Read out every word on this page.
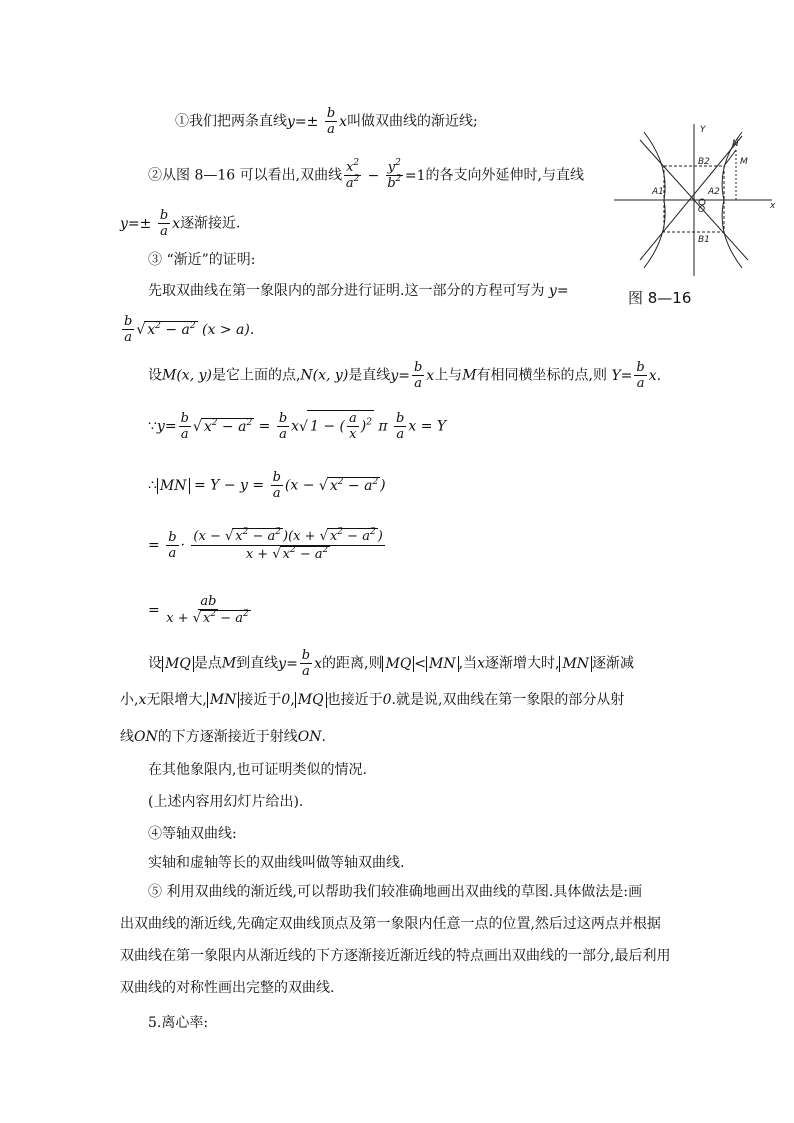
①我们把两条直线$y=\pm \frac{b}{a}$ x叫做双曲线的渐近线;
②从图 8—16 可以看出,双曲线 $\frac{x^2}{a^2} - \frac{y^2}{b^2} =1$的各支向外延伸时,与直线
$y=\pm \frac{b}{a}$ x逐渐接近.
③ “渐近”的证明:
先取双曲线在第一象限内的部分进行证明.这一部分的方程可写为 y=
$\frac{b}{a}$ √ $x^2 - a^2$ (x > a).
设M(x, y)是它上面的点,N(x, y)是直线$y= \frac{b}{a}$ x上与M有相同横坐标的点,则 $Y= \frac{b}{a} x$.
∵y= $\frac{b}{a}$ √ $x^2 - a^2 = \frac{b}{a} x√$ 1 − ( $\frac{a}{x} )^2$ π $\frac{b}{a}$ x = Y
∴ MN = $Y - y = \frac{b}{a} (x$ − √ $x^2 - a^2$ )
= $\frac{b}{a} \cdot \frac{(x - √ x^2 - a^2 )(x + √ x^2 - a^2 )}{x + √ x^2 - a^2}$
= $\frac{ab}{x + √ x^2 - a^2}$
设 MQ 是点M到直线$y= \frac{b}{a}$ x的距离,则 MQ < MN ,当x逐渐增大时, MN 逐渐减
小,x无限增大, MN 接近于0, MQ 也接近于0.就是说,双曲线在第一象限的部分从射
线ON的下方逐渐接近于射线ON.
在其他象限内,也可证明类似的情况.
(上述内容用幻灯片给出).
④等轴双曲线:
实轴和虚轴等长的双曲线叫做等轴双曲线.
⑤ 利用双曲线的渐近线,可以帮助我们较准确地画出双曲线的草图.具体做法是:画
出双曲线的渐近线,先确定双曲线顶点及第一象限内任意一点的位置,然后过这两点并根据
双曲线在第一象限内从渐近线的下方逐渐接近渐近线的特点画出双曲线的一部分,最后利用
双曲线的对称性画出完整的双曲线.
5.离心率:
Y
x
N
M
B2
B1
A1	A2
O
图 8—16
